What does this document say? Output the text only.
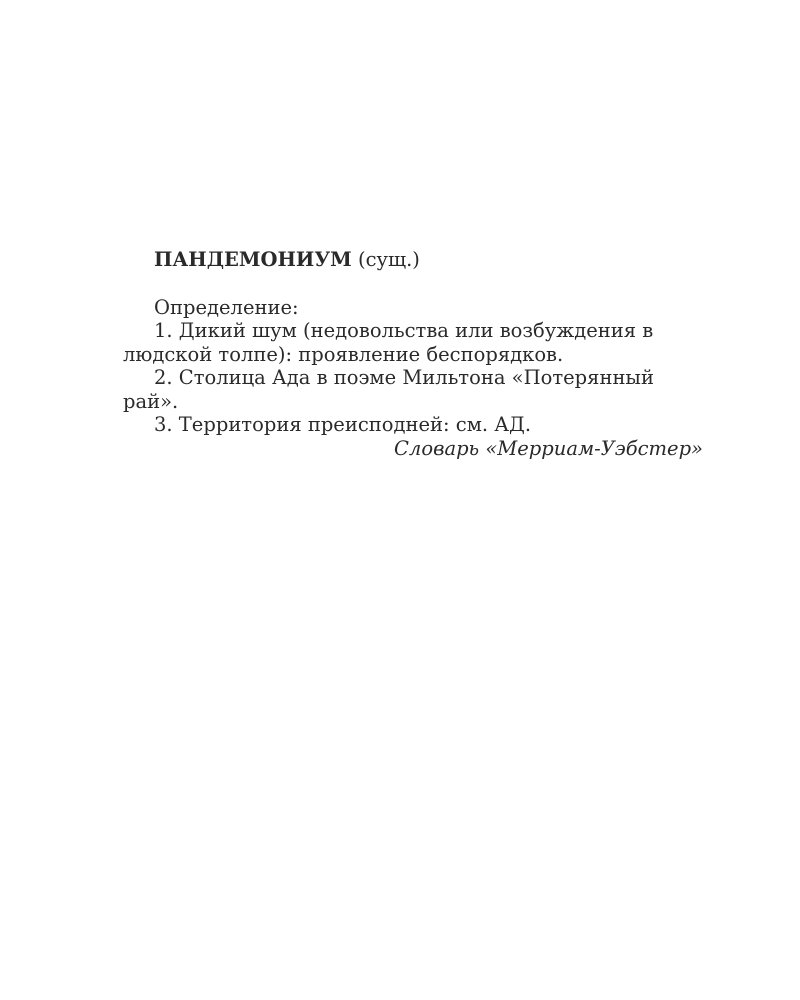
ПАНДЕМОНИУМ (сущ.)

Определение:

1. Дикий шум (недовольства или возбуждения в людской толпе): проявление беспорядков.

2. Столица Ада в поэме Мильтона «Потерянный рай».

3. Территория преисподней: см. АД.

Словарь «Мерриам-Уэбстер»
